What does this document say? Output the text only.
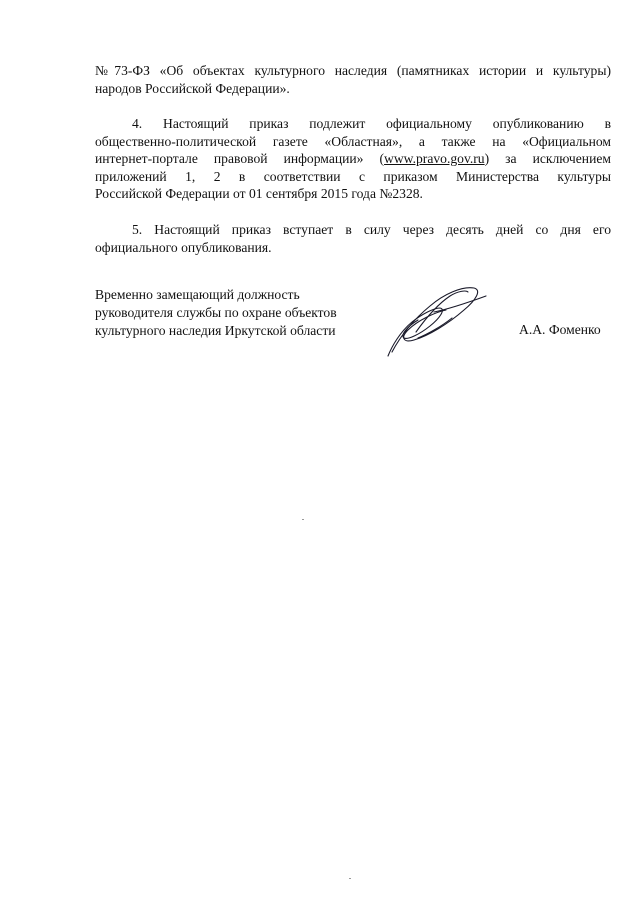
№73-ФЗ «Об объектах культурного наследия (памятниках истории и культуры)
народов Российской Федерации».

4. Настоящий приказ подлежит официальному опубликованию в
общественно-политической газете «Областная», а также на «Официальном
интернет-портале правовой информации» (www.pravo.gov.ru) за исключением
приложений 1, 2 в соответствии с приказом Министерства культуры
Российской Федерации от 01 сентября 2015 года №2328.

5. Настоящий приказ вступает в силу через десять дней со дня его
официального опубликования.

Временно замещающий должность
руководителя службы по охране объектов
культурного наследия Иркутской области	А.А. Фоменко
